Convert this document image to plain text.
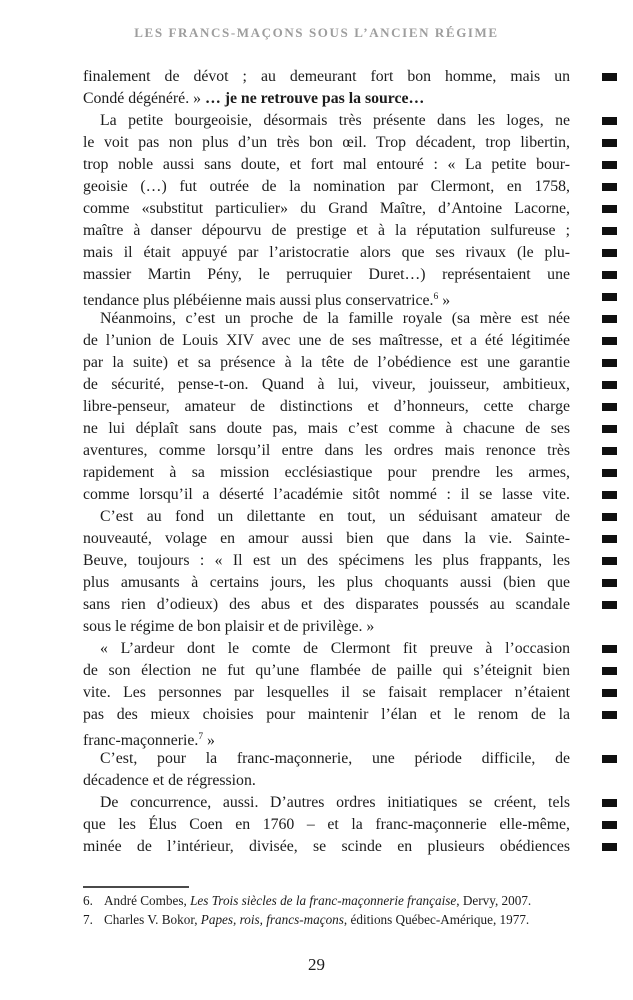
LES FRANCS-MAÇONS SOUS L’ANCIEN RÉGIME
finalement de dévot ; au demeurant fort bon homme, mais un
Condé dégénéré. » … je ne retrouve pas la source…
La petite bourgeoisie, désormais très présente dans les loges, ne
le voit pas non plus d’un très bon œil. Trop décadent, trop libertin,
trop noble aussi sans doute, et fort mal entouré : « La petite bour-
geoisie (…) fut outrée de la nomination par Clermont, en 1758,
comme «substitut particulier» du Grand Maître, d’Antoine Lacorne,
maître à danser dépourvu de prestige et à la réputation sulfureuse ;
mais il était appuyé par l’aristocratie alors que ses rivaux (le plu-
massier Martin Pény, le perruquier Duret…) représentaient une
tendance plus plébéienne mais aussi plus conservatrice.$^6$ »
Néanmoins, c’est un proche de la famille royale (sa mère est née
de l’union de Louis XIV avec une de ses maîtresse, et a été légitimée
par la suite) et sa présence à la tête de l’obédience est une garantie
de sécurité, pense-t-on. Quand à lui, viveur, jouisseur, ambitieux,
libre-penseur, amateur de distinctions et d’honneurs, cette charge
ne lui déplaît sans doute pas, mais c’est comme à chacune de ses
aventures, comme lorsqu’il entre dans les ordres mais renonce très
rapidement à sa mission ecclésiastique pour prendre les armes,
comme lorsqu’il a déserté l’académie sitôt nommé : il se lasse vite.
C’est au fond un dilettante en tout, un séduisant amateur de
nouveauté, volage en amour aussi bien que dans la vie. Sainte-
Beuve, toujours : « Il est un des spécimens les plus frappants, les
plus amusants à certains jours, les plus choquants aussi (bien que
sans rien d’odieux) des abus et des disparates poussés au scandale
sous le régime de bon plaisir et de privilège. »
« L’ardeur dont le comte de Clermont fit preuve à l’occasion
de son élection ne fut qu’une flambée de paille qui s’éteignit bien
vite. Les personnes par lesquelles il se faisait remplacer n’étaient
pas des mieux choisies pour maintenir l’élan et le renom de la
franc-maçonnerie.$^7$ »
C’est, pour la franc-maçonnerie, une période difficile, de
décadence et de régression.
De concurrence, aussi. D’autres ordres initiatiques se créent, tels
que les Élus Coen en 1760 – et la franc-maçonnerie elle-même,
minée de l’intérieur, divisée, se scinde en plusieurs obédiences
6. André Combes, Les Trois siècles de la franc-maçonnerie française, Dervy, 2007.
7. Charles V. Bokor, Papes, rois, francs-maçons, éditions Québec-Amérique, 1977.
29
